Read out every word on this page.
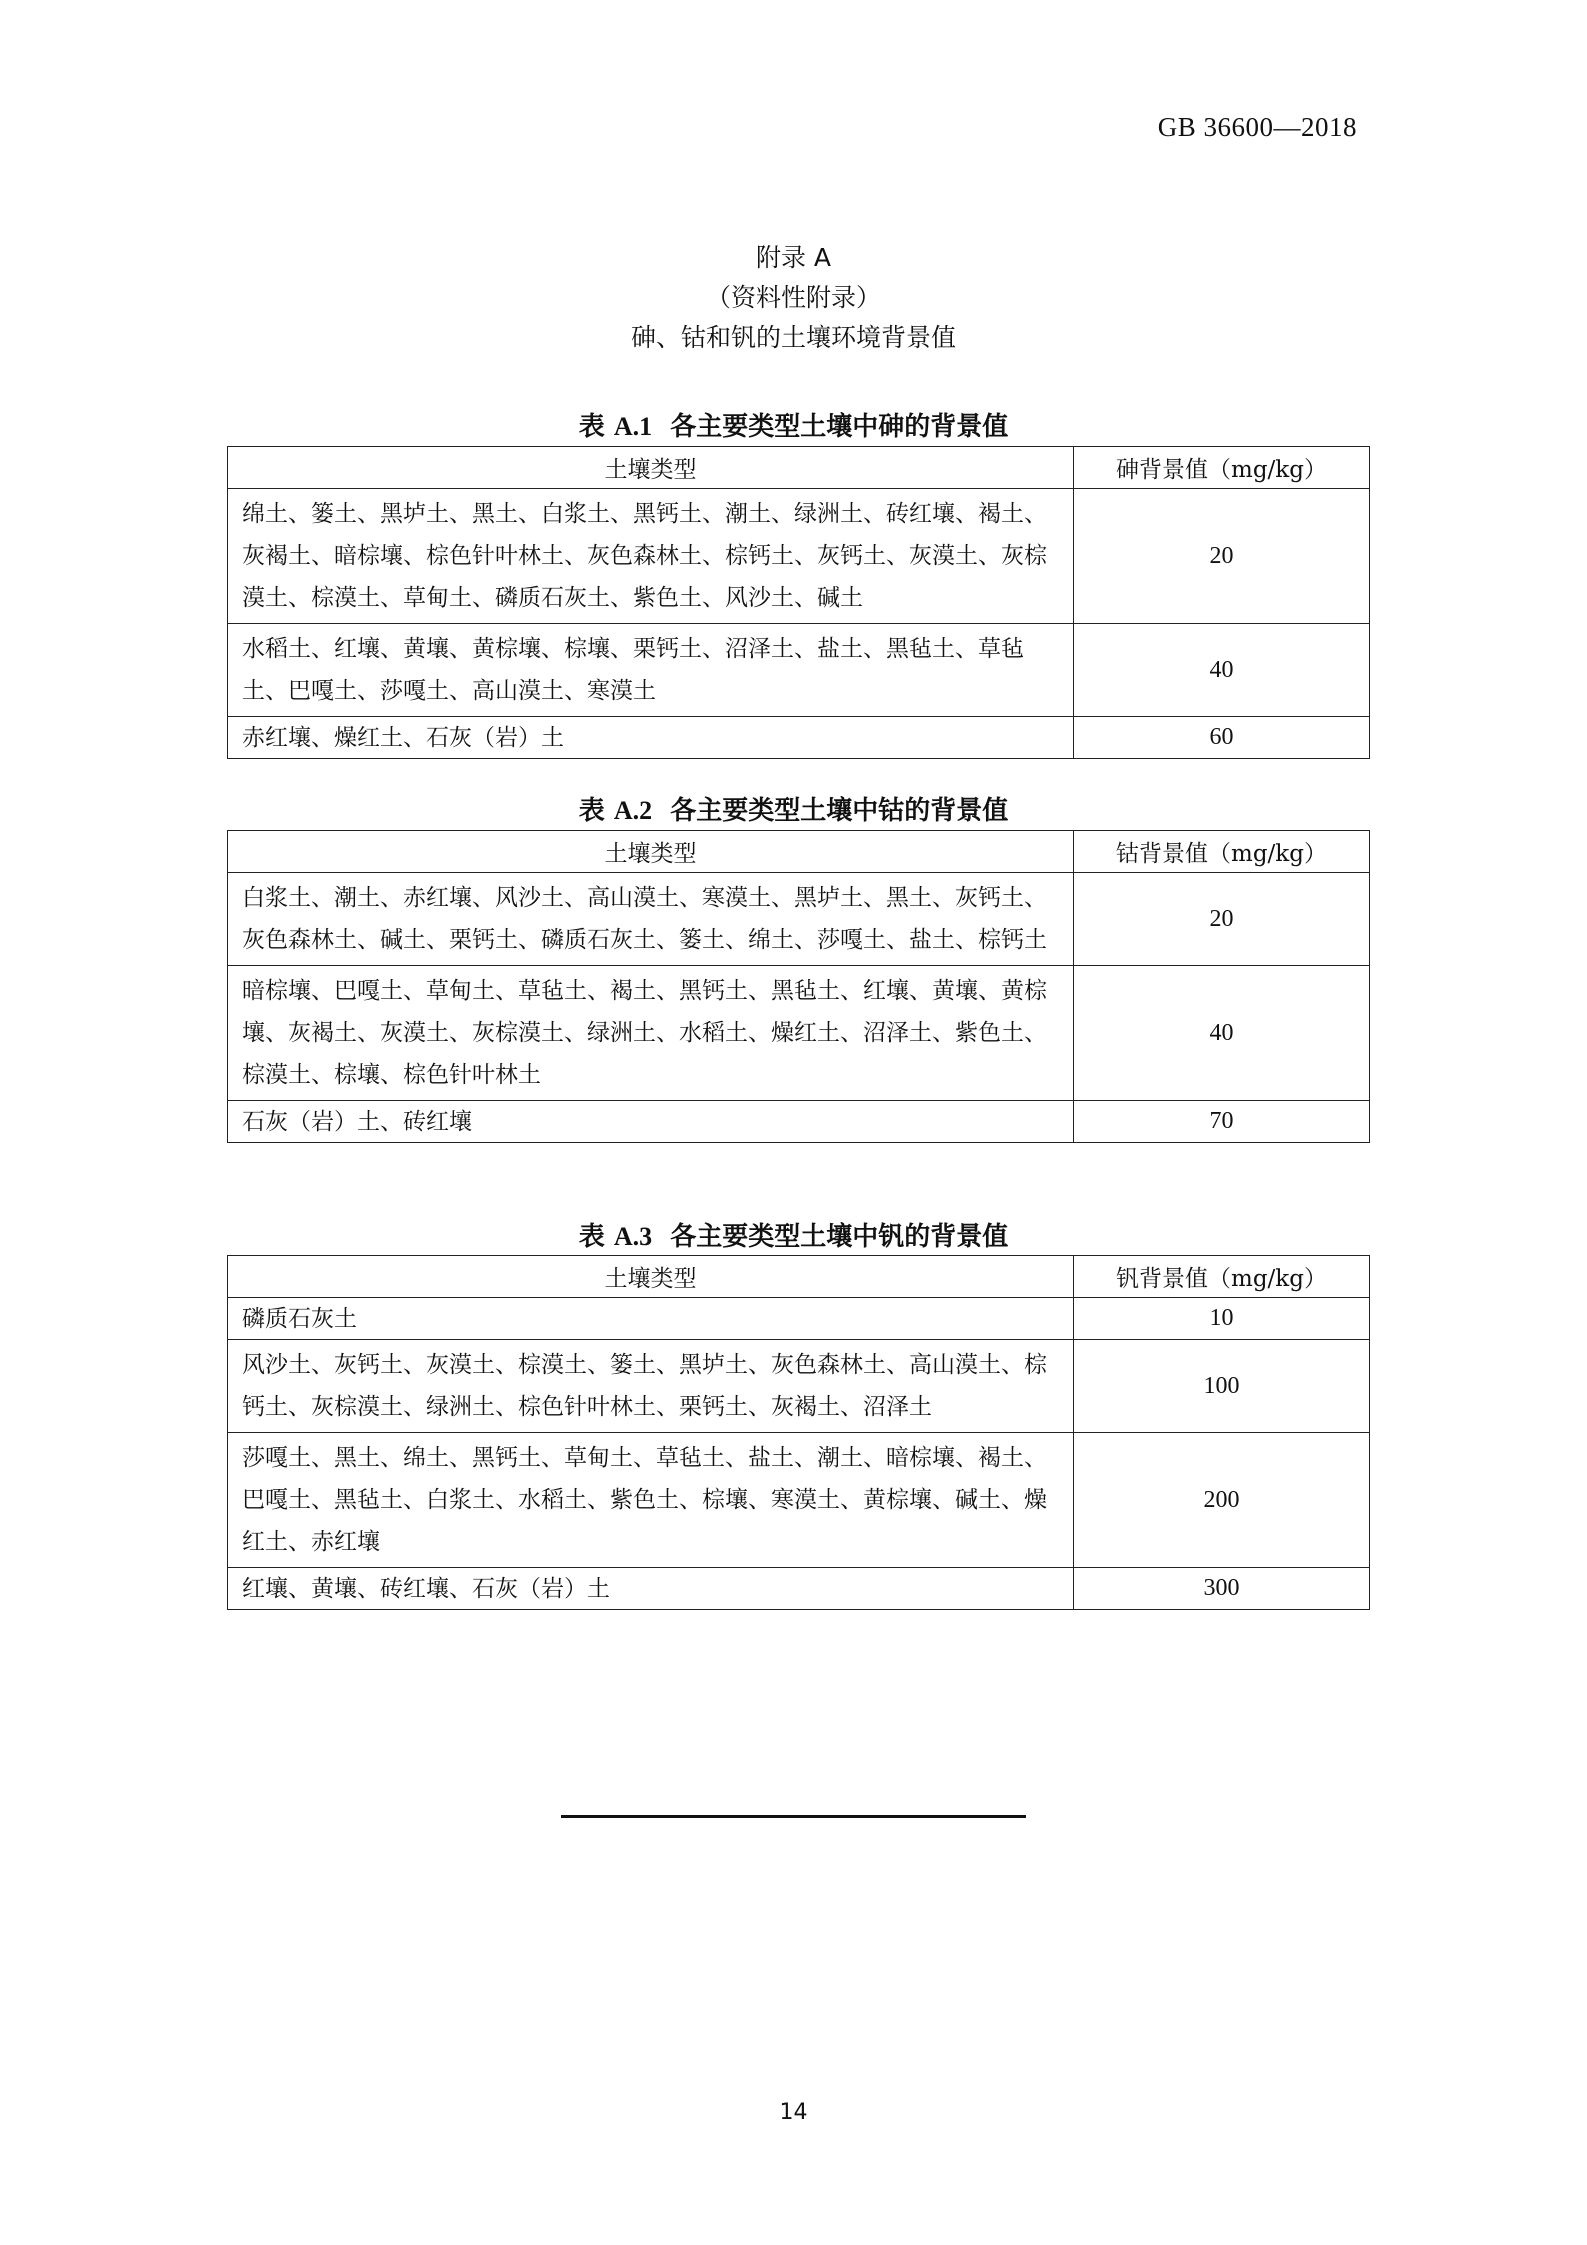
GB 36600—2018
附录 A
（资料性附录）
砷、钴和钒的土壤环境背景值
表 A.1 各主要类型土壤中砷的背景值
土壤类型	砷背景值（mg/kg）
绵土、篓土、黑垆土、黑土、白浆土、黑钙土、潮土、绿洲土、砖红壤、褐土、灰褐土、暗棕壤、棕色针叶林土、灰色森林土、棕钙土、灰钙土、灰漠土、灰棕漠土、棕漠土、草甸土、磷质石灰土、紫色土、风沙土、碱土	20
水稻土、红壤、黄壤、黄棕壤、棕壤、栗钙土、沼泽土、盐土、黑毡土、草毡土、巴嘎土、莎嘎土、高山漠土、寒漠土	40
赤红壤、燥红土、石灰（岩）土	60
表 A.2 各主要类型土壤中钴的背景值
土壤类型	钴背景值（mg/kg）
白浆土、潮土、赤红壤、风沙土、高山漠土、寒漠土、黑垆土、黑土、灰钙土、灰色森林土、碱土、栗钙土、磷质石灰土、篓土、绵土、莎嘎土、盐土、棕钙土	20
暗棕壤、巴嘎土、草甸土、草毡土、褐土、黑钙土、黑毡土、红壤、黄壤、黄棕壤、灰褐土、灰漠土、灰棕漠土、绿洲土、水稻土、燥红土、沼泽土、紫色土、棕漠土、棕壤、棕色针叶林土	40
石灰（岩）土、砖红壤	70
表 A.3 各主要类型土壤中钒的背景值
土壤类型	钒背景值（mg/kg）
磷质石灰土	10
风沙土、灰钙土、灰漠土、棕漠土、篓土、黑垆土、灰色森林土、高山漠土、棕钙土、灰棕漠土、绿洲土、棕色针叶林土、栗钙土、灰褐土、沼泽土	100
莎嘎土、黑土、绵土、黑钙土、草甸土、草毡土、盐土、潮土、暗棕壤、褐土、巴嘎土、黑毡土、白浆土、水稻土、紫色土、棕壤、寒漠土、黄棕壤、碱土、燥红土、赤红壤	200
红壤、黄壤、砖红壤、石灰（岩）土	300
14
